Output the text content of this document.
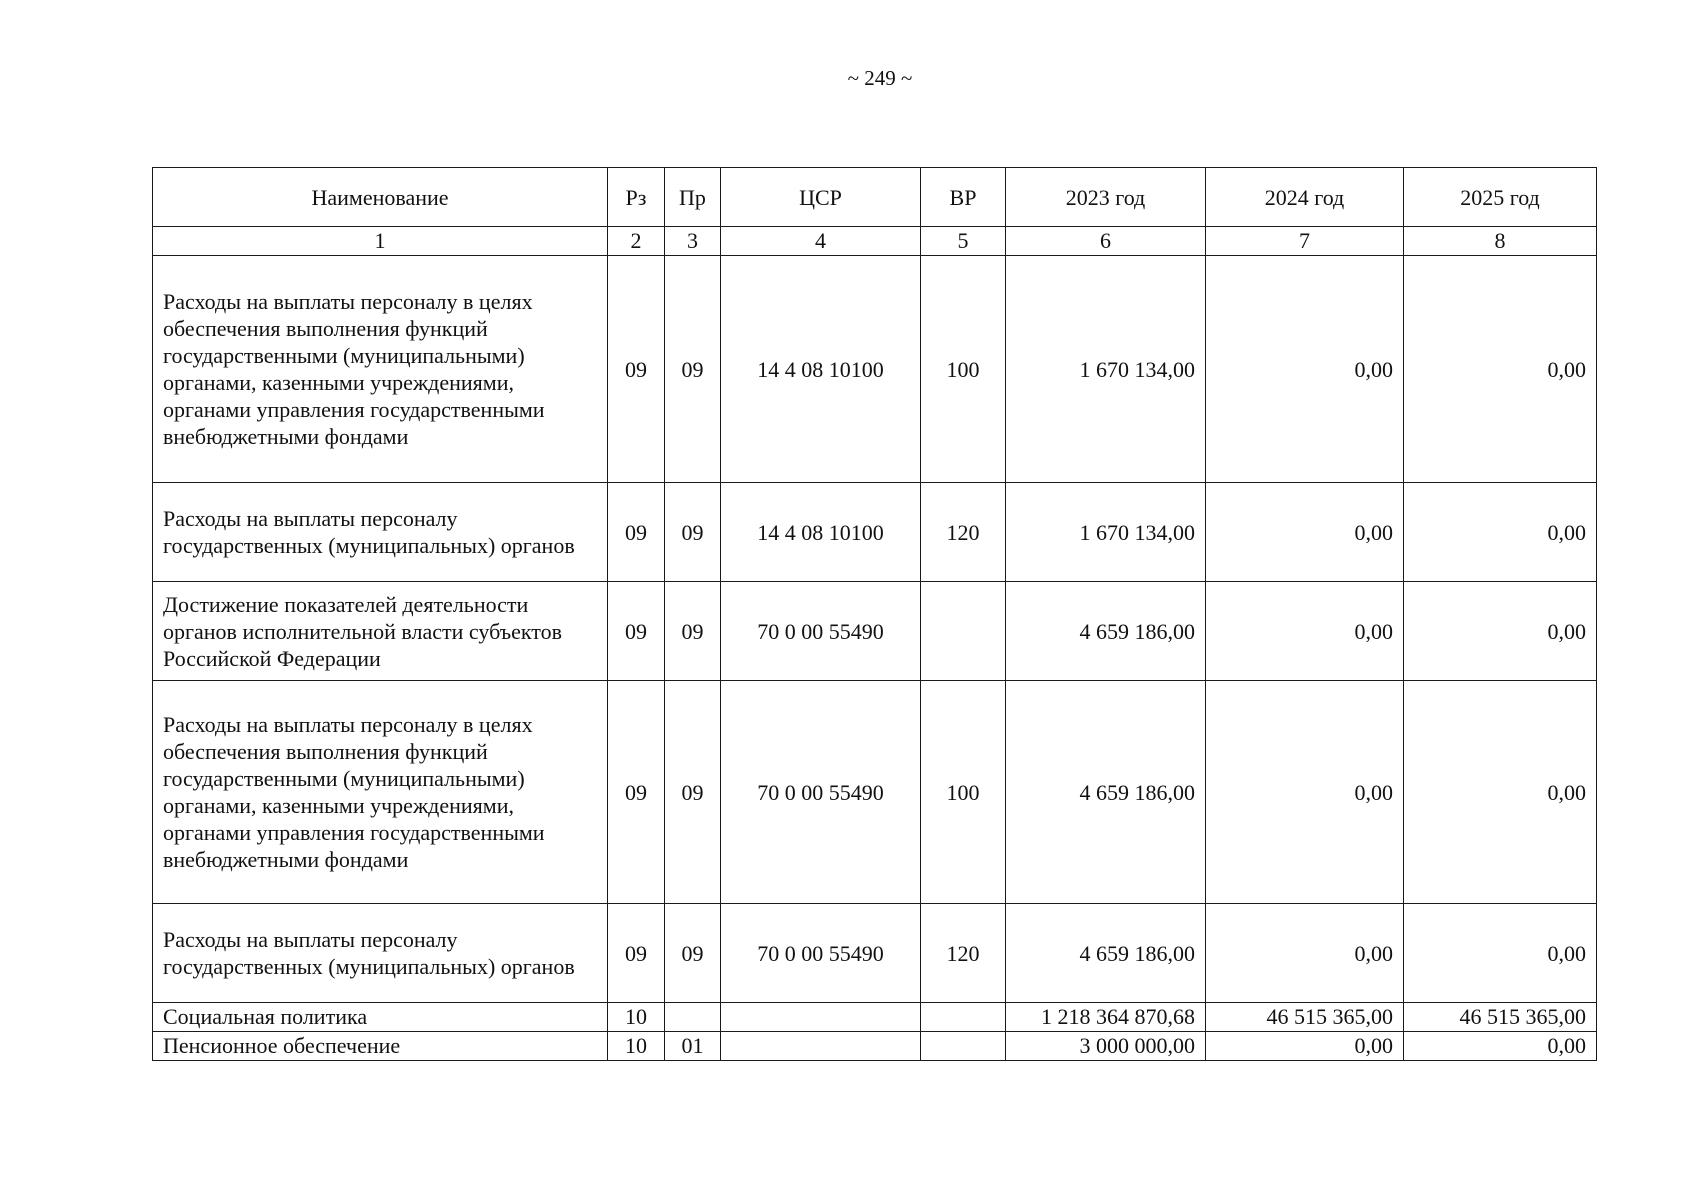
~ 249 ~
Наименование	Рз	Пр	ЦСР	ВР	2023 год	2024 год	2025 год
1	2	3	4	5	6	7	8
Расходы на выплаты персоналу в целях обеспечения выполнения функций государственными (муниципальными) органами, казенными учреждениями, органами управления государственными внебюджетными фондами	09	09	14 4 08 10100	100	1 670 134,00	0,00	0,00
Расходы на выплаты персоналу государственных (муниципальных) органов	09	09	14 4 08 10100	120	1 670 134,00	0,00	0,00
Достижение показателей деятельности органов исполнительной власти субъектов Российской Федерации	09	09	70 0 00 55490		4 659 186,00	0,00	0,00
Расходы на выплаты персоналу в целях обеспечения выполнения функций государственными (муниципальными) органами, казенными учреждениями, органами управления государственными внебюджетными фондами	09	09	70 0 00 55490	100	4 659 186,00	0,00	0,00
Расходы на выплаты персоналу государственных (муниципальных) органов	09	09	70 0 00 55490	120	4 659 186,00	0,00	0,00
Социальная политика	10				1 218 364 870,68	46 515 365,00	46 515 365,00
Пенсионное обеспечение	10	01			3 000 000,00	0,00	0,00
